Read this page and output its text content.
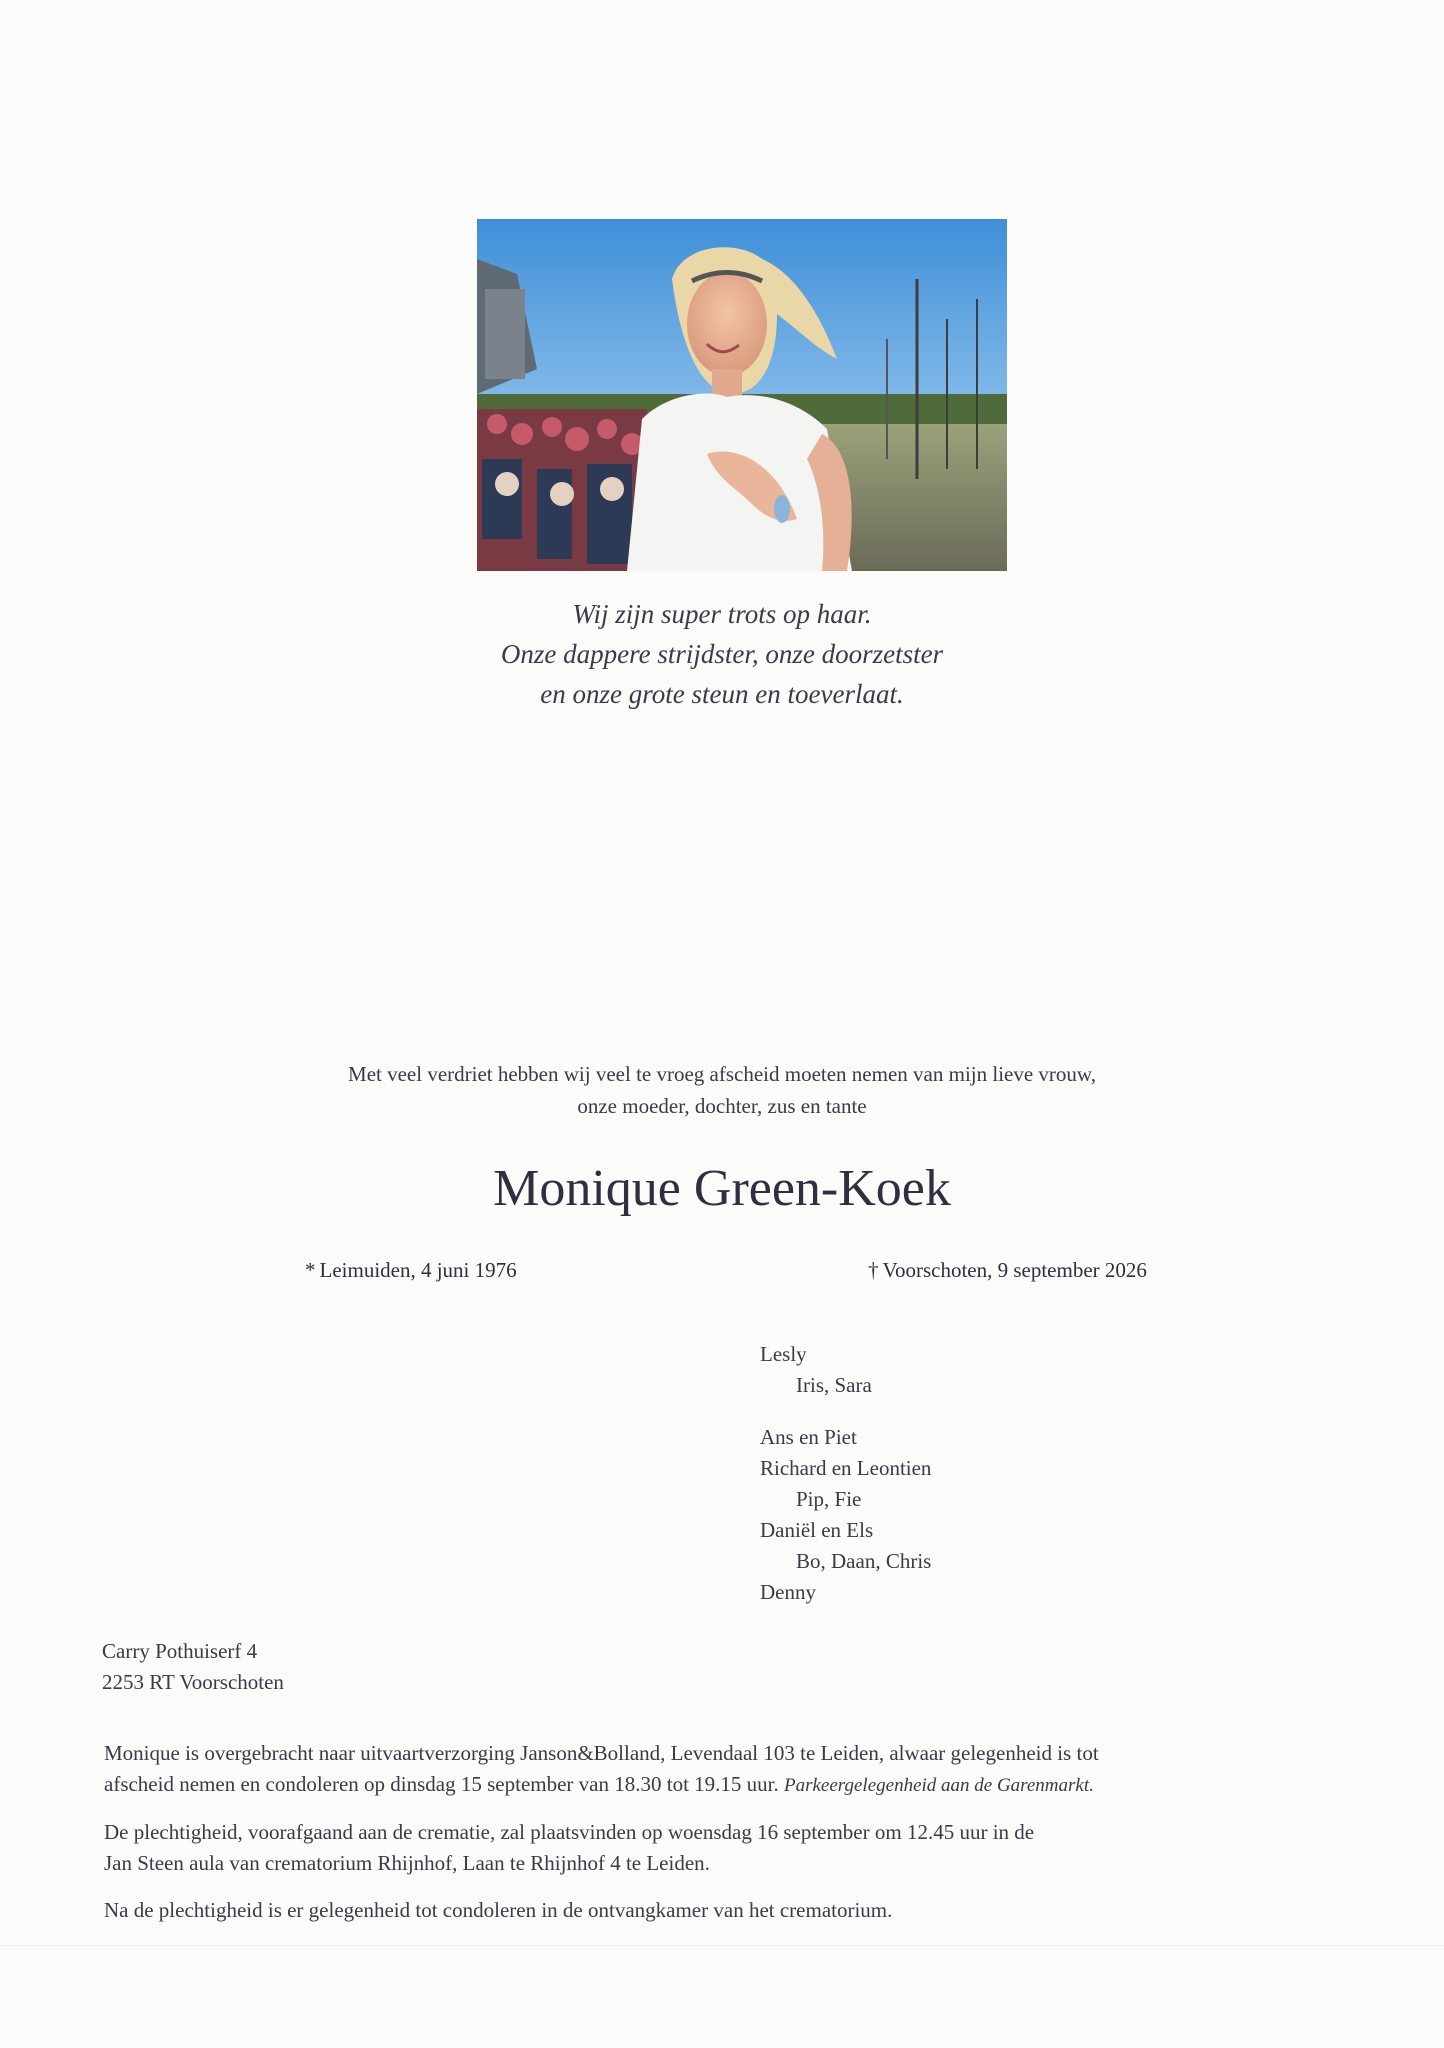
Wij zijn super trots op haar.
Onze dappere strijdster, onze doorzetster
en onze grote steun en toeverlaat.
Met veel verdriet hebben wij veel te vroeg afscheid moeten nemen van mijn lieve vrouw,
onze moeder, dochter, zus en tante
Monique Green-Koek
* Leimuiden, 4 juni 1976	† Voorschoten, 9 september 2026
Lesly
Iris, Sara
Ans en Piet
Richard en Leontien
Pip, Fie
Daniël en Els
Bo, Daan, Chris
Denny
Carry Pothuiserf 4
2253 RT Voorschoten

Monique is overgebracht naar uitvaartverzorging Janson&Bolland, Levendaal 103 te Leiden, alwaar gelegenheid is tot
afscheid nemen en condoleren op dinsdag 15 september van 18.30 tot 19.15 uur. Parkeergelegenheid aan de Garenmarkt.

De plechtigheid, voorafgaand aan de crematie, zal plaatsvinden op woensdag 16 september om 12.45 uur in de
Jan Steen aula van crematorium Rhijnhof, Laan te Rhijnhof 4 te Leiden.

Na de plechtigheid is er gelegenheid tot condoleren in de ontvangkamer van het crematorium.
